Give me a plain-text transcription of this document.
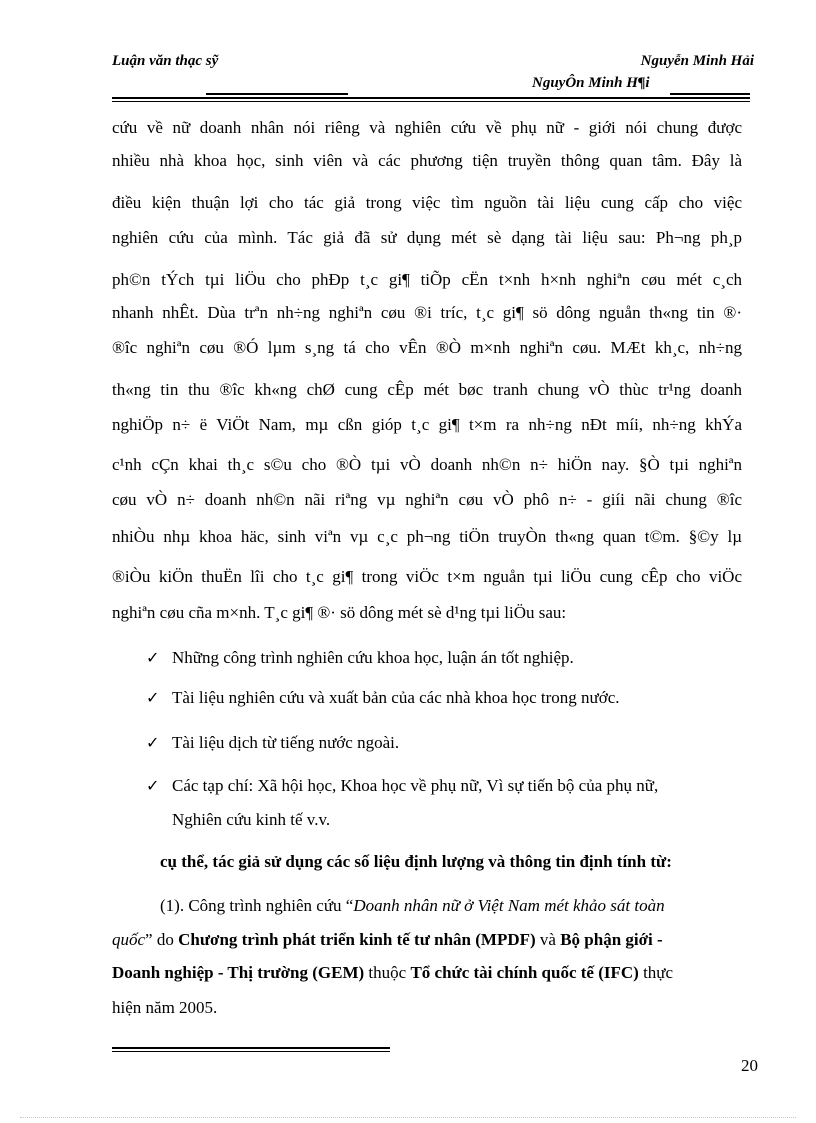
Luận văn thạc sỹ	Nguyễn Minh Hải
NguyÔn Minh H¶i
cứu về nữ doanh nhân nói riêng và nghiên cứu về phụ nữ - giới nói chung được
nhiều nhà khoa học, sinh viên và các phương tiện truyền thông quan tâm. Đây là
điều kiện thuận lợi cho tác giả trong việc tìm nguồn tài liệu cung cấp cho việc
nghiên cứu của mình. Tác giả đã sử dụng mét sè dạng tài liệu sau: Ph¬ng ph¸p
ph©n tÝch tµi liÖu cho phÐp t¸c gi¶ tiÕp cËn t×nh h×nh nghiªn cøu mét c¸ch
nhanh nhÊt. Dùa trªn nh÷ng nghiªn cøu ®i tríc, t¸c gi¶ sö dông nguån th«ng tin ®·
®îc nghiªn cøu ®Ó lµm s¸ng tá cho vÊn ®Ò m×nh nghiªn cøu. MÆt kh¸c, nh÷ng
th«ng tin thu ®îc kh«ng chØ cung cÊp mét bøc tranh chung vÒ thùc tr¹ng doanh
nghiÖp n÷ ë ViÖt Nam, mµ cßn gióp t¸c gi¶ t×m ra nh÷ng nÐt míi, nh÷ng khÝa
c¹nh cÇn khai th¸c s©u cho ®Ò tµi vÒ doanh nh©n n÷ hiÖn nay. §Ò tµi nghiªn
cøu vÒ n÷ doanh nh©n nãi riªng vµ nghiªn cøu vÒ phô n÷ - giíi nãi chung ®îc
nhiÒu nhµ khoa häc, sinh viªn vµ c¸c ph¬ng tiÖn truyÒn th«ng quan t©m. §©y lµ
®iÒu kiÖn thuËn lîi cho t¸c gi¶ trong viÖc t×m nguån tµi liÖu cung cÊp cho viÖc
nghiªn cøu cña m×nh. T¸c gi¶ ®· sö dông mét sè d¹ng tµi liÖu sau:
✓ Những công trình nghiên cứu khoa học, luận án tốt nghiệp.
✓ Tài liệu nghiên cứu và xuất bản của các nhà khoa học trong nước.
✓ Tài liệu dịch từ tiếng nước ngoài.
✓ Các tạp chí: Xã hội học, Khoa học về phụ nữ, Vì sự tiến bộ của phụ nữ,
Nghiên cứu kinh tế v.v.
cụ thể, tác giả sử dụng các số liệu định lượng và thông tin định tính từ:
(1). Công trình nghiên cứu “Doanh nhân nữ ở Việt Nam mét khảo sát toàn
quốc” do Chương trình phát triển kinh tế tư nhân (MPDF) và Bộ phận giới -
Doanh nghiệp - Thị trường (GEM) thuộc Tổ chức tài chính quốc tế (IFC) thực
hiện năm 2005.
20
